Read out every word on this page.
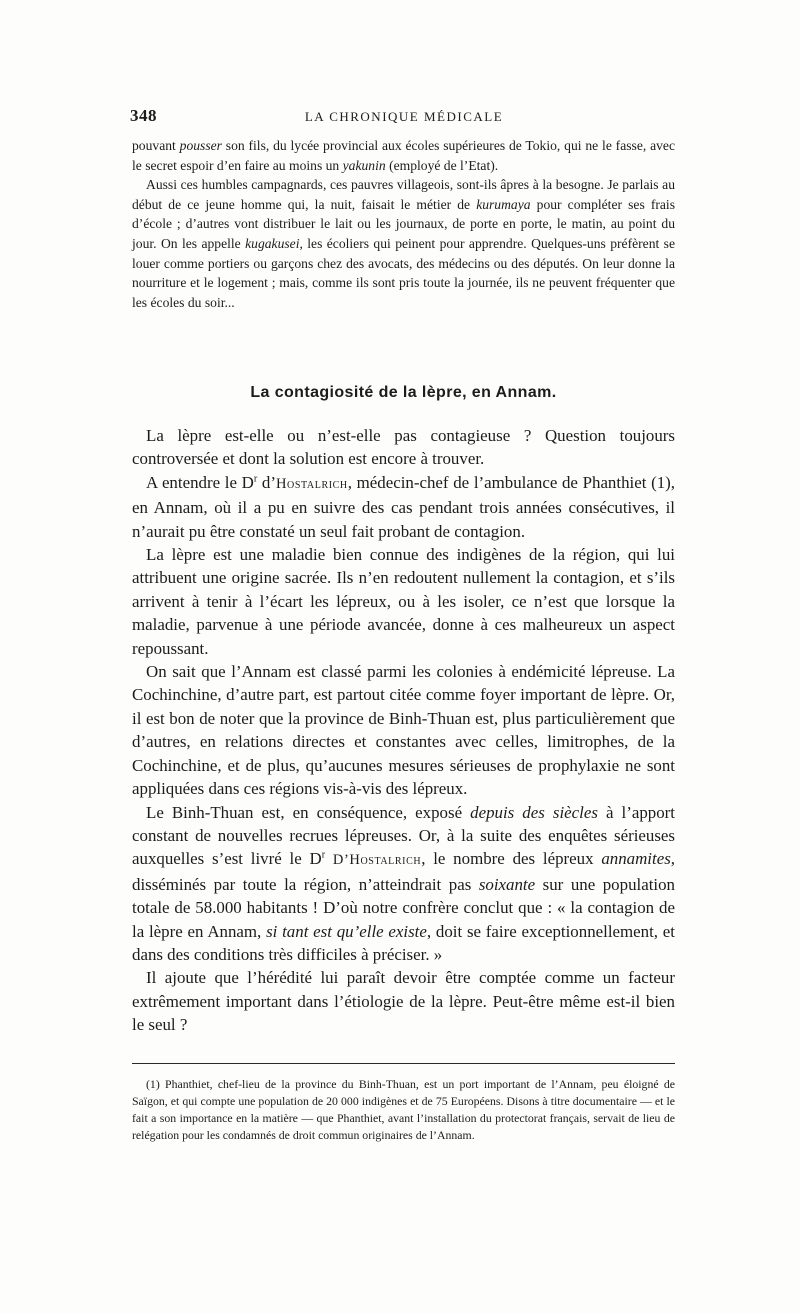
348	LA CHRONIQUE MÉDICALE

pouvant pousser son fils, du lycée provincial aux écoles supérieures de Tokio, qui ne le fasse, avec le secret espoir d’en faire au moins un yakunin (employé de l’Etat).

Aussi ces humbles campagnards, ces pauvres villageois, sont-ils âpres à la besogne. Je parlais au début de ce jeune homme qui, la nuit, faisait le métier de kurumaya pour compléter ses frais d’école ; d’autres vont distribuer le lait ou les journaux, de porte en porte, le matin, au point du jour. On les appelle kugakusei, les écoliers qui peinent pour apprendre. Quelques-uns préfèrent se louer comme portiers ou garçons chez des avocats, des médecins ou des députés. On leur donne la nourriture et le logement ; mais, comme ils sont pris toute la journée, ils ne peuvent fréquenter que les écoles du soir...

La contagiosité de la lèpre, en Annam.

La lèpre est-elle ou n’est-elle pas contagieuse ? Question toujours controversée et dont la solution est encore à trouver.

A entendre le $D^r$ d’Hostalrich, médecin-chef de l’ambulance de Phanthiet (1), en Annam, où il a pu en suivre des cas pendant trois années consécutives, il n’aurait pu être constaté un seul fait probant de contagion.

La lèpre est une maladie bien connue des indigènes de la région, qui lui attribuent une origine sacrée. Ils n’en redoutent nullement la contagion, et s’ils arrivent à tenir à l’écart les lépreux, ou à les isoler, ce n’est que lorsque la maladie, parvenue à une période avancée, donne à ces malheureux un aspect repoussant.

On sait que l’Annam est classé parmi les colonies à endémicité lépreuse. La Cochinchine, d’autre part, est partout citée comme foyer important de lèpre. Or, il est bon de noter que la province de Binh-Thuan est, plus particulièrement que d’autres, en relations directes et constantes avec celles, limitrophes, de la Cochinchine, et de plus, qu’aucunes mesures sérieuses de prophylaxie ne sont appliquées dans ces régions vis-à-vis des lépreux.

Le Binh-Thuan est, en conséquence, exposé depuis des siècles à l’apport constant de nouvelles recrues lépreuses. Or, à la suite des enquêtes sérieuses auxquelles s’est livré le $D^r$ D’Hostalrich, le nombre des lépreux annamites, disséminés par toute la région, n’atteindrait pas soixante sur une population totale de 58.000 habitants ! D’où notre confrère conclut que : « la contagion de la lèpre en Annam, si tant est qu’elle existe, doit se faire exceptionnellement, et dans des conditions très difficiles à préciser. »

Il ajoute que l’hérédité lui paraît devoir être comptée comme un facteur extrêmement important dans l’étiologie de la lèpre. Peut-être même est-il bien le seul ?

(1) Phanthiet, chef-lieu de la province du Binh-Thuan, est un port important de l’Annam, peu éloigné de Saïgon, et qui compte une population de 20 000 indigènes et de 75 Européens. Disons à titre documentaire — et le fait a son importance en la matière — que Phanthiet, avant l’installation du protectorat français, servait de lieu de relégation pour les condamnés de droit commun originaires de l’Annam.
